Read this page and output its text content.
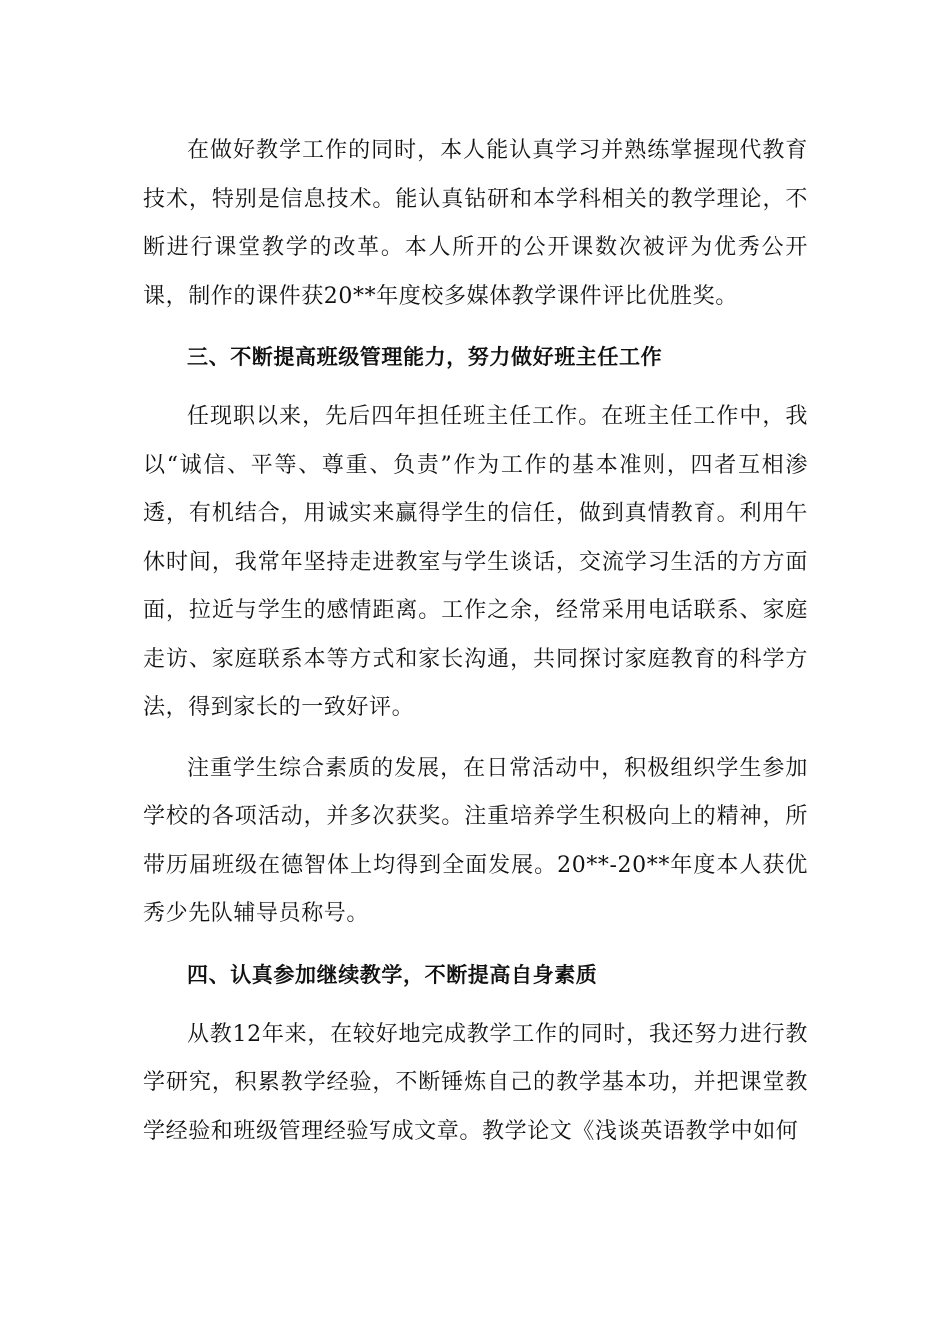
在做好教学工作的同时，本人能认真学习并熟练掌握现代教育技术，特别是信息技术。能认真钻研和本学科相关的教学理论，不断进行课堂教学的改革。本人所开的公开课数次被评为优秀公开课，制作的课件获20**年度校多媒体教学课件评比优胜奖。

三、不断提高班级管理能力，努力做好班主任工作

任现职以来，先后四年担任班主任工作。在班主任工作中，我以“诚信、平等、尊重、负责”作为工作的基本准则，四者互相渗透，有机结合，用诚实来赢得学生的信任，做到真情教育。利用午休时间，我常年坚持走进教室与学生谈话，交流学习生活的方方面面，拉近与学生的感情距离。工作之余，经常采用电话联系、家庭走访、家庭联系本等方式和家长沟通，共同探讨家庭教育的科学方法，得到家长的一致好评。

注重学生综合素质的发展，在日常活动中，积极组织学生参加学校的各项活动，并多次获奖。注重培养学生积极向上的精神，所带历届班级在德智体上均得到全面发展。20**-20**年度本人获优秀少先队辅导员称号。

四、认真参加继续教学，不断提高自身素质

从教12年来，在较好地完成教学工作的同时，我还努力进行教学研究，积累教学经验，不断锤炼自己的教学基本功，并把课堂教学经验和班级管理经验写成文章。教学论文《浅谈英语教学中如何
